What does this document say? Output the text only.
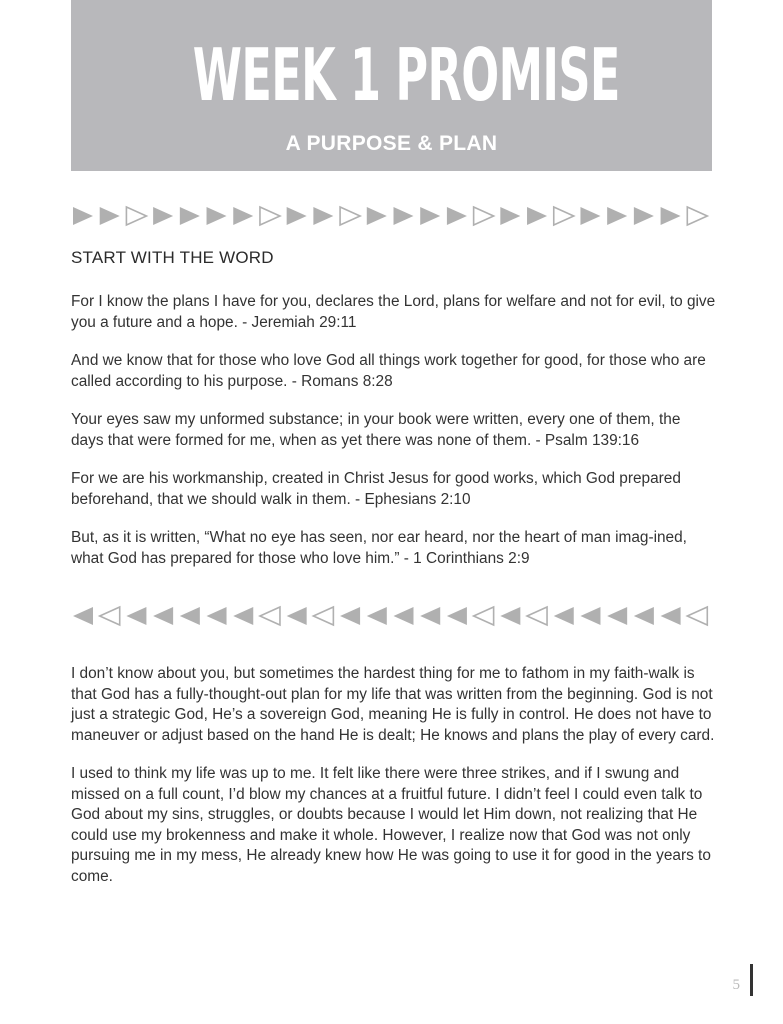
WEEK 1 PROMISE
A PURPOSE & PLAN
START WITH THE WORD

For I know the plans I have for you, declares the Lord, plans for welfare and not for evil, to give you a future and a hope. - Jeremiah 29:11

And we know that for those who love God all things work together for good, for those who are called according to his purpose. - Romans 8:28

Your eyes saw my unformed substance; in your book were written, every one of them, the days that were formed for me, when as yet there was none of them. - Psalm 139:16

For we are his workmanship, created in Christ Jesus for good works, which God prepared beforehand, that we should walk in them. - Ephesians 2:10

But, as it is written, “What no eye has seen, nor ear heard, nor the heart of man imag-ined, what God has prepared for those who love him.” - 1 Corinthians 2:9

I don’t know about you, but sometimes the hardest thing for me to fathom in my faith-walk is that God has a fully-thought-out plan for my life that was written from the beginning. God is not just a strategic God, He’s a sovereign God, meaning He is fully in control. He does not have to maneuver or adjust based on the hand He is dealt; He knows and plans the play of every card.

I used to think my life was up to me. It felt like there were three strikes, and if I swung and missed on a full count, I’d blow my chances at a fruitful future. I didn’t feel I could even talk to God about my sins, struggles, or doubts because I would let Him down, not realizing that He could use my brokenness and make it whole. However, I realize now that God was not only pursuing me in my mess, He already knew how He was going to use it for good in the years to come.

5
